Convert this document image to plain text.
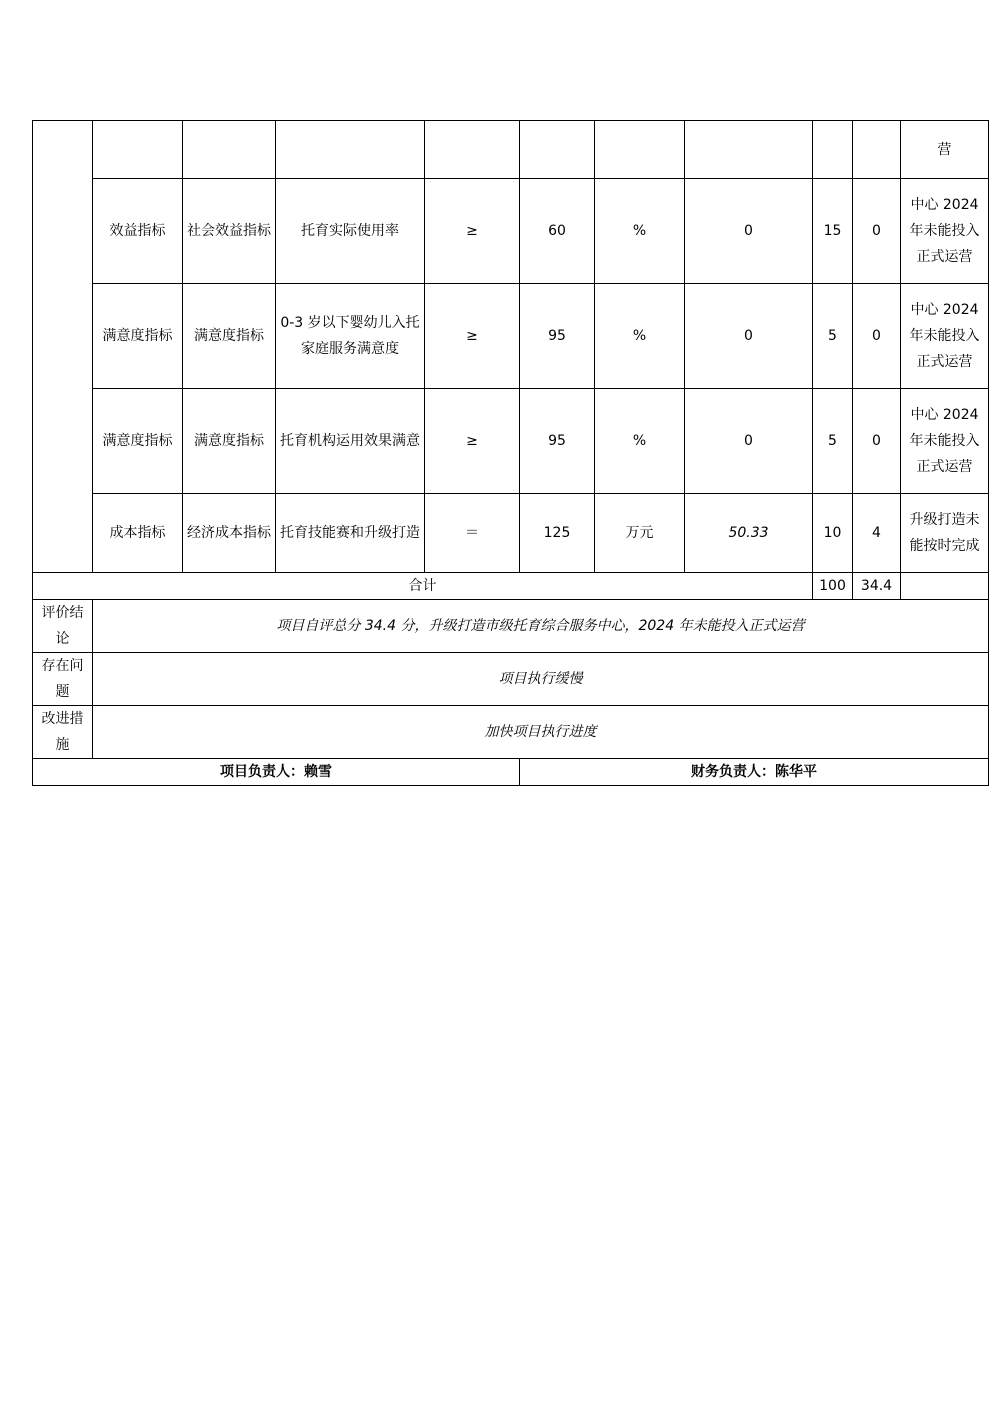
										营
	效益指标	社会效益指标	托育实际使用率	≥	60	%	0	15	0	中心 2024 年未能投入正式运营
	满意度指标	满意度指标	0-3 岁以下婴幼儿入托家庭服务满意度	≥	95	%	0	5	0	中心 2024 年未能投入正式运营
	满意度指标	满意度指标	托育机构运用效果满意	≥	95	%	0	5	0	中心 2024 年未能投入正式运营
	成本指标	经济成本指标	托育技能赛和升级打造	＝	125	万元	50.33	10	4	升级打造未能按时完成
合计								100	34.4	
评价结论	项目自评总分 34.4 分，升级打造市级托育综合服务中心，2024 年未能投入正式运营									
存在问题	项目执行缓慢									
改进措施	加快项目执行进度									
项目负责人：赖雪					财务负责人：陈华平					
